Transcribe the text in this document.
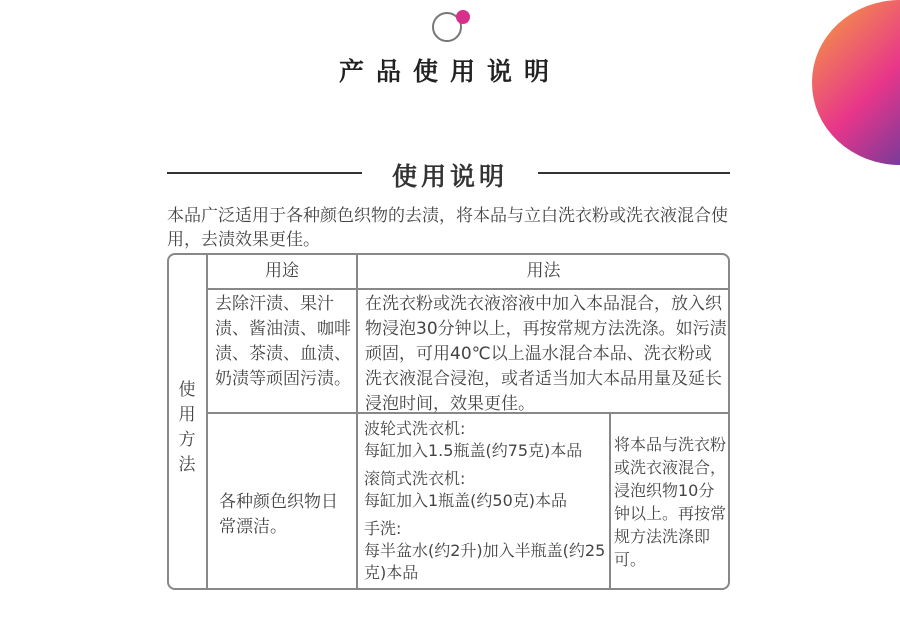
产品使用说明
使用说明
本品广泛适用于各种颜色织物的去渍，将本品与立白洗衣粉或洗衣液混合使用，去渍效果更佳。
使用方法
用途	用法
去除汗渍、果汁渍、酱油渍、咖啡渍、茶渍、血渍、奶渍等顽固污渍。
在洗衣粉或洗衣液溶液中加入本品混合，放入织物浸泡30分钟以上，再按常规方法洗涤。如污渍顽固，可用40℃以上温水混合本品、洗衣粉或洗衣液混合浸泡，或者适当加大本品用量及延长浸泡时间，效果更佳。
各种颜色织物日常漂洁。
波轮式洗衣机:
每缸加入1.5瓶盖(约75克)本品
滚筒式洗衣机:
每缸加入1瓶盖(约50克)本品
手洗:
每半盆水(约2升)加入半瓶盖(约25克)本品
将本品与洗衣粉或洗衣液混合，浸泡织物10分钟以上。再按常规方法洗涤即可。
